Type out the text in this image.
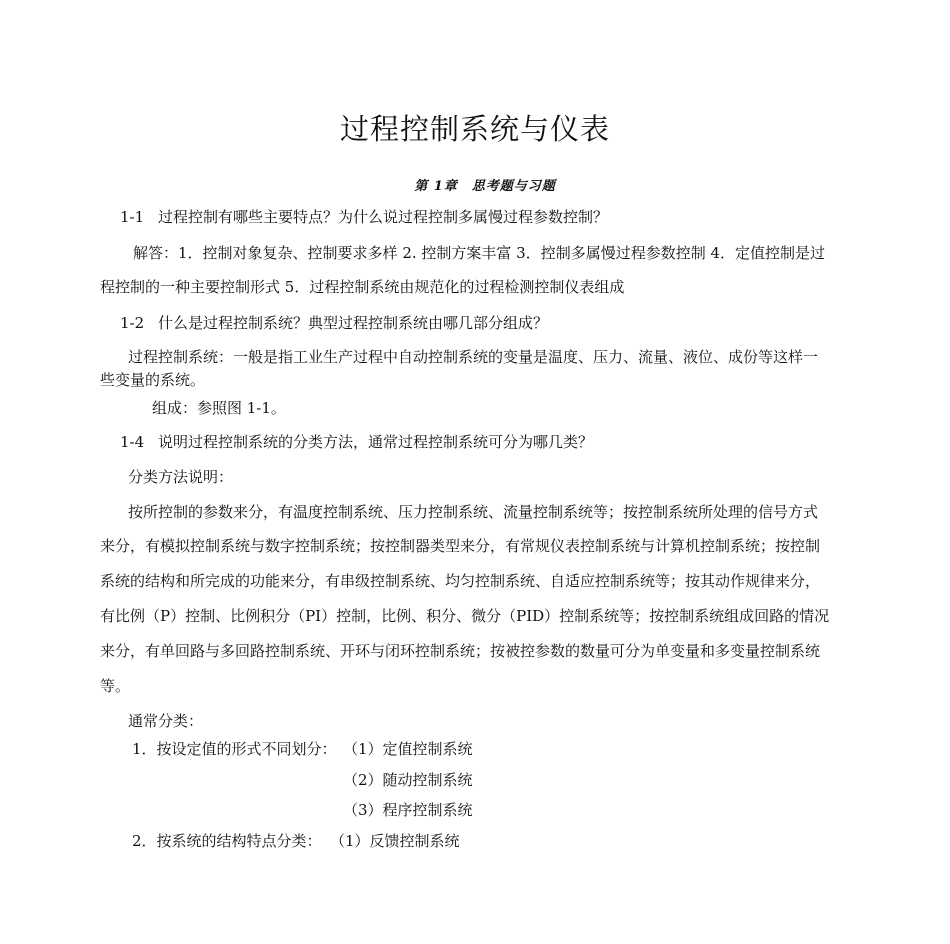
过程控制系统与仪表
第 1章　思考题与习题
1-1 过程控制有哪些主要特点？为什么说过程控制多属慢过程参数控制？
解答：1．控制对象复杂、控制要求多样 2. 控制方案丰富 3．控制多属慢过程参数控制 4．定值控制是过
程控制的一种主要控制形式 5．过程控制系统由规范化的过程检测控制仪表组成
1-2 什么是过程控制系统？典型过程控制系统由哪几部分组成？
过程控制系统：一般是指工业生产过程中自动控制系统的变量是温度、压力、流量、液位、成份等这样一
些变量的系统。
组成：参照图 1-1。
1-4 说明过程控制系统的分类方法，通常过程控制系统可分为哪几类？
分类方法说明：
按所控制的参数来分，有温度控制系统、压力控制系统、流量控制系统等；按控制系统所处理的信号方式
来分，有模拟控制系统与数字控制系统；按控制器类型来分，有常规仪表控制系统与计算机控制系统；按控制
系统的结构和所完成的功能来分，有串级控制系统、均匀控制系统、自适应控制系统等；按其动作规律来分，
有比例（P）控制、比例积分（PI）控制，比例、积分、微分（PID）控制系统等；按控制系统组成回路的情况
来分，有单回路与多回路控制系统、开环与闭环控制系统；按被控参数的数量可分为单变量和多变量控制系统
等。
通常分类：
1．按设定值的形式不同划分： （1）定值控制系统
（2）随动控制系统
（3）程序控制系统
2．按系统的结构特点分类： （1）反馈控制系统
